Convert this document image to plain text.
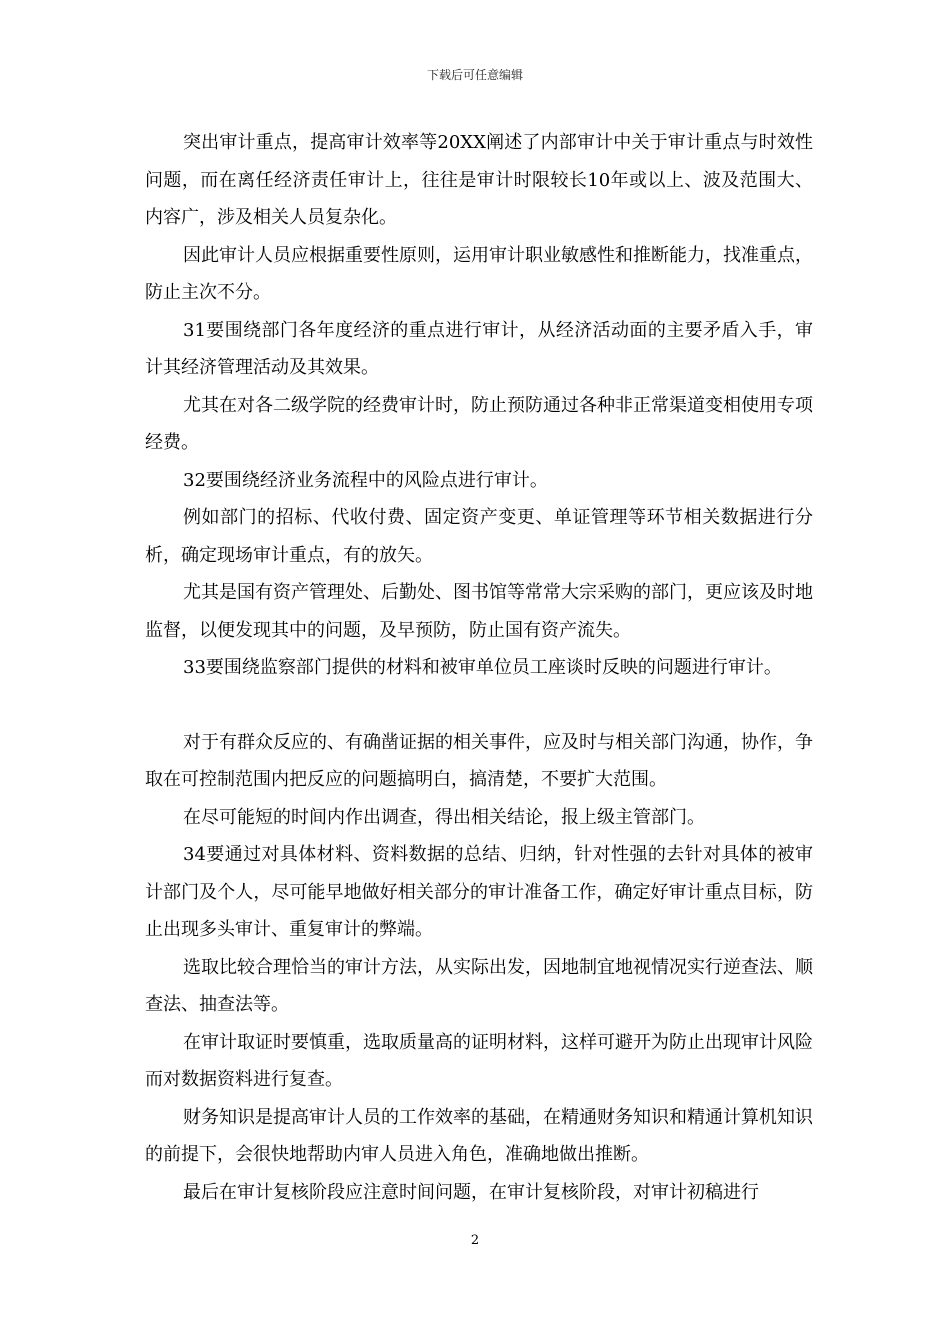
下载后可任意编辑

突出审计重点，提高审计效率等20XX阐述了内部审计中关于审计重点与时效性问题，而在离任经济责任审计上，往往是审计时限较长10年或以上、波及范围大、内容广，涉及相关人员复杂化。

因此审计人员应根据重要性原则，运用审计职业敏感性和推断能力，找准重点，防止主次不分。

31要围绕部门各年度经济的重点进行审计，从经济活动面的主要矛盾入手，审计其经济管理活动及其效果。

尤其在对各二级学院的经费审计时，防止预防通过各种非正常渠道变相使用专项经费。

32要围绕经济业务流程中的风险点进行审计。

例如部门的招标、代收付费、固定资产变更、单证管理等环节相关数据进行分析，确定现场审计重点，有的放矢。

尤其是国有资产管理处、后勤处、图书馆等常常大宗采购的部门，更应该及时地监督，以便发现其中的问题，及早预防，防止国有资产流失。

33要围绕监察部门提供的材料和被审单位员工座谈时反映的问题进行审计。

对于有群众反应的、有确凿证据的相关事件，应及时与相关部门沟通，协作，争取在可控制范围内把反应的问题搞明白，搞清楚，不要扩大范围。

在尽可能短的时间内作出调查，得出相关结论，报上级主管部门。

34要通过对具体材料、资料数据的总结、归纳，针对性强的去针对具体的被审计部门及个人，尽可能早地做好相关部分的审计准备工作，确定好审计重点目标，防止出现多头审计、重复审计的弊端。

选取比较合理恰当的审计方法，从实际出发，因地制宜地视情况实行逆查法、顺查法、抽查法等。

在审计取证时要慎重，选取质量高的证明材料，这样可避开为防止出现审计风险而对数据资料进行复查。

财务知识是提高审计人员的工作效率的基础，在精通财务知识和精通计算机知识的前提下，会很快地帮助内审人员进入角色，准确地做出推断。

最后在审计复核阶段应注意时间问题，在审计复核阶段，对审计初稿进行

2
